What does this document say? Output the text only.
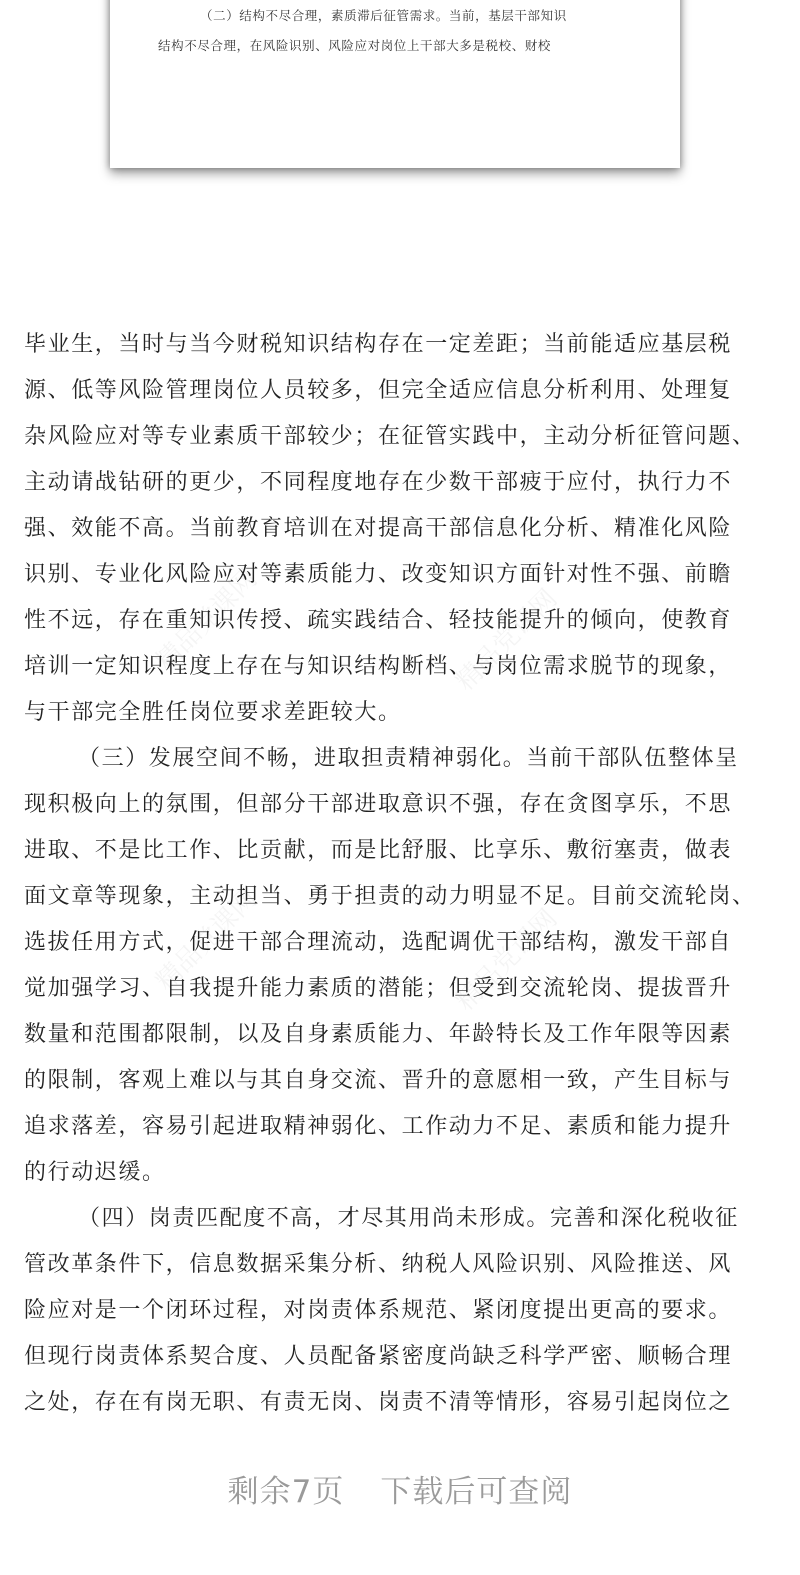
（二）结构不尽合理，素质滞后征管需求。当前，基层干部知识
结构不尽合理，在风险识别、风险应对岗位上干部大多是税校、财校
毕业生，当时与当今财税知识结构存在一定差距；当前能适应基层税
源、低等风险管理岗位人员较多，但完全适应信息分析利用、处理复
杂风险应对等专业素质干部较少；在征管实践中，主动分析征管问题、
主动请战钻研的更少，不同程度地存在少数干部疲于应付，执行力不
强、效能不高。当前教育培训在对提高干部信息化分析、精准化风险
识别、专业化风险应对等素质能力、改变知识方面针对性不强、前瞻
性不远，存在重知识传授、疏实践结合、轻技能提升的倾向，使教育
培训一定知识程度上存在与知识结构断档、与岗位需求脱节的现象，
与干部完全胜任岗位要求差距较大。
（三）发展空间不畅，进取担责精神弱化。当前干部队伍整体呈
现积极向上的氛围，但部分干部进取意识不强，存在贪图享乐，不思
进取、不是比工作、比贡献，而是比舒服、比享乐、敷衍塞责，做表
面文章等现象，主动担当、勇于担责的动力明显不足。目前交流轮岗、
选拔任用方式，促进干部合理流动，选配调优干部结构，激发干部自
觉加强学习、自我提升能力素质的潜能；但受到交流轮岗、提拔晋升
数量和范围都限制，以及自身素质能力、年龄特长及工作年限等因素
的限制，客观上难以与其自身交流、晋升的意愿相一致，产生目标与
追求落差，容易引起进取精神弱化、工作动力不足、素质和能力提升
的行动迟缓。
（四）岗责匹配度不高，才尽其用尚未形成。完善和深化税收征
管改革条件下，信息数据采集分析、纳税人风险识别、风险推送、风
险应对是一个闭环过程，对岗责体系规范、紧闭度提出更高的要求。
但现行岗责体系契合度、人员配备紧密度尚缺乏科学严密、顺畅合理
之处，存在有岗无职、有责无岗、岗责不清等情形，容易引起岗位之
剩余7页 下载后可查阅
